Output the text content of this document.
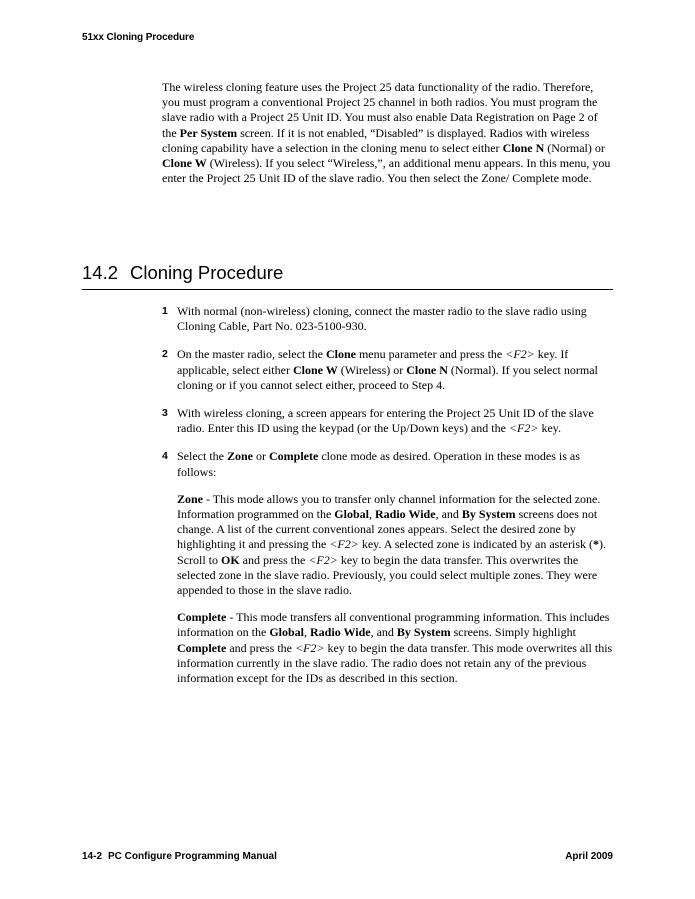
51xx Cloning Procedure

The wireless cloning feature uses the Project 25 data functionality of the radio. Therefore, you must program a conventional Project 25 channel in both radios. You must program the slave radio with a Project 25 Unit ID. You must also enable Data Registration on Page 2 of the Per System screen. If it is not enabled, “Disabled” is displayed. Radios with wireless cloning capability have a selection in the cloning menu to select either Clone N (Normal) or Clone W (Wireless). If you select “Wireless,”, an additional menu appears. In this menu, you enter the Project 25 Unit ID of the slave radio. You then select the Zone/ Complete mode.

14.2 Cloning Procedure
1 With normal (non-wireless) cloning, connect the master radio to the slave radio using Cloning Cable, Part No. 023-5100-930.
2 On the master radio, select the Clone menu parameter and press the <F2> key. If applicable, select either Clone W (Wireless) or Clone N (Normal). If you select normal cloning or if you cannot select either, proceed to Step 4.
3 With wireless cloning, a screen appears for entering the Project 25 Unit ID of the slave radio. Enter this ID using the keypad (or the Up/Down keys) and the <F2> key.
4 Select the Zone or Complete clone mode as desired. Operation in these modes is as follows:

Zone - This mode allows you to transfer only channel information for the selected zone. Information programmed on the Global, Radio Wide, and By System screens does not change. A list of the current conventional zones appears. Select the desired zone by highlighting it and pressing the <F2> key. A selected zone is indicated by an asterisk (*). Scroll to OK and press the <F2> key to begin the data transfer. This overwrites the selected zone in the slave radio. Previously, you could select multiple zones. They were appended to those in the slave radio.

Complete - This mode transfers all conventional programming information. This includes information on the Global, Radio Wide, and By System screens. Simply highlight Complete and press the <F2> key to begin the data transfer. This mode overwrites all this information currently in the slave radio. The radio does not retain any of the previous information except for the IDs as described in this section.

14-2 PC Configure Programming Manual	April 2009
